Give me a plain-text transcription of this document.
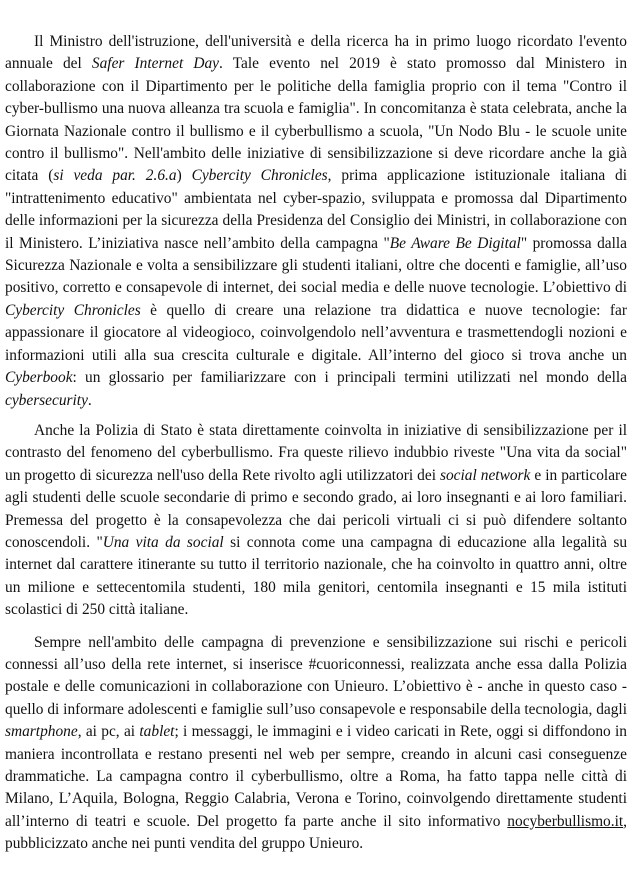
Il Ministro dell'istruzione, dell'università e della ricerca ha in primo luogo ricordato l'evento annuale del Safer Internet Day. Tale evento nel 2019 è stato promosso dal Ministero in collaborazione con il Dipartimento per le politiche della famiglia proprio con il tema "Contro il cyber-bullismo una nuova alleanza tra scuola e famiglia". In concomitanza è stata celebrata, anche la Giornata Nazionale contro il bullismo e il cyberbullismo a scuola, "Un Nodo Blu - le scuole unite contro il bullismo". Nell'ambito delle iniziative di sensibilizzazione si deve ricordare anche la già citata (si veda par. 2.6.a) Cybercity Chronicles, prima applicazione istituzionale italiana di "intrattenimento educativo" ambientata nel cyber-spazio, sviluppata e promossa dal Dipartimento delle informazioni per la sicurezza della Presidenza del Consiglio dei Ministri, in collaborazione con il Ministero. L’iniziativa nasce nell’ambito della campagna "Be Aware Be Digital" promossa dalla Sicurezza Nazionale e volta a sensibilizzare gli studenti italiani, oltre che docenti e famiglie, all’uso positivo, corretto e consapevole di internet, dei social media e delle nuove tecnologie. L’obiettivo di Cybercity Chronicles è quello di creare una relazione tra didattica e nuove tecnologie: far appassionare il giocatore al videogioco, coinvolgendolo nell’avventura e trasmettendogli nozioni e informazioni utili alla sua crescita culturale e digitale. All’interno del gioco si trova anche un Cyberbook: un glossario per familiarizzare con i principali termini utilizzati nel mondo della cybersecurity.

Anche la Polizia di Stato è stata direttamente coinvolta in iniziative di sensibilizzazione per il contrasto del fenomeno del cyberbullismo. Fra queste rilievo indubbio riveste "Una vita da social" un progetto di sicurezza nell'uso della Rete rivolto agli utilizzatori dei social network e in particolare agli studenti delle scuole secondarie di primo e secondo grado, ai loro insegnanti e ai loro familiari. Premessa del progetto è la consapevolezza che dai pericoli virtuali ci si può difendere soltanto conoscendoli. "Una vita da social si connota come una campagna di educazione alla legalità su internet dal carattere itinerante su tutto il territorio nazionale, che ha coinvolto in quattro anni, oltre un milione e settecentomila studenti, 180 mila genitori, centomila insegnanti e 15 mila istituti scolastici di 250 città italiane.

Sempre nell'ambito delle campagna di prevenzione e sensibilizzazione sui rischi e pericoli connessi all’uso della rete internet, si inserisce #cuoriconnessi, realizzata anche essa dalla Polizia postale e delle comunicazioni in collaborazione con Unieuro. L’obiettivo è - anche in questo caso - quello di informare adolescenti e famiglie sull’uso consapevole e responsabile della tecnologia, dagli smartphone, ai pc, ai tablet; i messaggi, le immagini e i video caricati in Rete, oggi si diffondono in maniera incontrollata e restano presenti nel web per sempre, creando in alcuni casi conseguenze drammatiche. La campagna contro il cyberbullismo, oltre a Roma, ha fatto tappa nelle città di Milano, L’Aquila, Bologna, Reggio Calabria, Verona e Torino, coinvolgendo direttamente studenti all’interno di teatri e scuole. Del progetto fa parte anche il sito informativo nocyberbullismo.it, pubblicizzato anche nei punti vendita del gruppo Unieuro.
